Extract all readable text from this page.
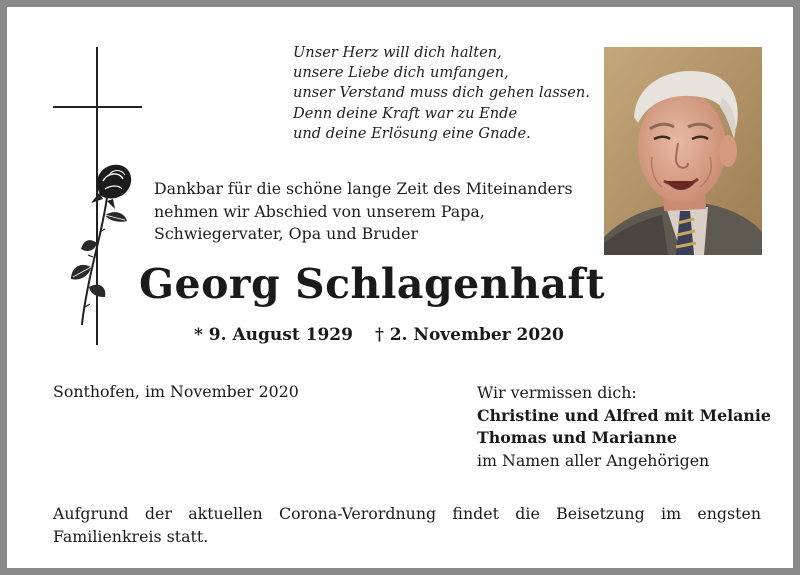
Unser Herz will dich halten,
unsere Liebe dich umfangen,
unser Verstand muss dich gehen lassen.
Denn deine Kraft war zu Ende
und deine Erlösung eine Gnade.
Dankbar für die schöne lange Zeit des Miteinanders
nehmen wir Abschied von unserem Papa,
Schwiegervater, Opa und Bruder
Georg Schlagenhaft
* 9. August 1929 † 2. November 2020
Sonthofen, im November 2020	Wir vermissen dich:
Christine und Alfred mit Melanie
Thomas und Marianne
im Namen aller Angehörigen
Aufgrund der aktuellen Corona-Verordnung findet die Beisetzung im engsten Familienkreis statt.
